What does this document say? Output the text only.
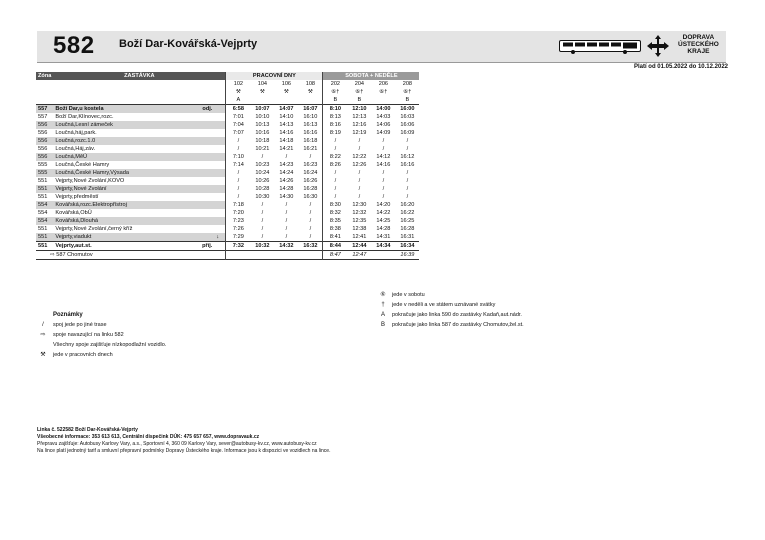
582 Boží Dar-Kovářská-Vejprty
DOPRAVA
ÚSTECKÉHO
KRAJE
Platí od 01.05.2022 do 10.12.2022
Zóna	ZASTÁVKA			PRACOVNÍ DNY				SOBOTA + NEDĚLE			
				102	104	106	108	202	204	206	208
				⚒	⚒	⚒	⚒	⑥†	⑥†	⑥†	⑥†
				A				B	B		B
557	Boží Dar,u kostela	odj.		6:58	10:07	14:07	16:07	8:10	12:10	14:00	16:00
557	Boží Dar,Klínovec,rozc.			7:01	10:10	14:10	16:10	8:13	12:13	14:03	16:03
556	Loučná,Lesní zámeček			7:04	10:13	14:13	16:13	8:16	12:16	14:06	16:06
556	Loučná,háj,park.			7:07	10:16	14:16	16:16	8:19	12:19	14:09	16:09
556	Loučná,rozc.1.0			/	10:18	14:18	16:18	/	/	/	/
556	Loučná,Háj,záv.			/	10:21	14:21	16:21	/	/	/	/
556	Loučná,MěÚ			7:10	/	/	/	8:22	12:22	14:12	16:12
555	Loučná,České Hamry			7:14	10:23	14:23	16:23	8:26	12:26	14:16	16:16
555	Loučná,České Hamry,Výsada			/	10:24	14:24	16:24	/	/	/	/
551	Vejprty,Nové Zvolání,KOVO			/	10:26	14:26	16:26	/	/	/	/
551	Vejprty,Nové Zvolání			/	10:28	14:28	16:28	/	/	/	/
551	Vejprty,předměstí			/	10:30	14:30	16:30	/	/	/	/
554	Kovářská,rozc.Elektropřístroj			7:18	/	/	/	8:30	12:30	14:20	16:20
554	Kovářská,ObÚ			7:20	/	/	/	8:32	12:32	14:22	16:22
554	Kovářská,Dlouhá			7:23	/	/	/	8:35	12:35	14:25	16:25
551	Vejprty,Nové Zvolání,černý kříž			7:26	/	/	/	8:38	12:38	14:28	16:28
551	Vejprty,viadukt		↓	7:29	/	/	/	8:41	12:41	14:31	16:31
551	Vejprty,aut.st.	příj.		7:32	10:32	14:32	16:32	8:44	12:44	14:34	16:34
⇨ 587 Chomutov								8:47	12:47		16:39
Poznámky
/	spoj jede po jiné trase
⇨	spoje navazující na linku 582
Všechny spoje zajišťuje nízkopodlažní vozidlo.
⚒	jede v pracovních dnech
⑥	jede v sobotu
†	jede v neděli a ve státem uznávané svátky
A	pokračuje jako linka 590 do zastávky Kadaň,aut.nádr.
B	pokračuje jako linka 587 do zastávky Chomutov,žel.st.
Linka č. 522582 Boží Dar-Kovářská-Vejprty
Všeobecné informace: 353 613 613, Centrální dispečink DÚK: 475 657 657, www.dopravauk.cz
Přepravu zajišťuje: Autobusy Karlovy Vary, a.s., Sportovní 4, 360 09 Karlovy Vary, sever@autobusy-kv.cz, www.autobusy-kv.cz
Na lince platí jednotný tarif a smluvní přepravní podmínky Dopravy Ústeckého kraje. Informace jsou k dispozici ve vozidlech na lince.
